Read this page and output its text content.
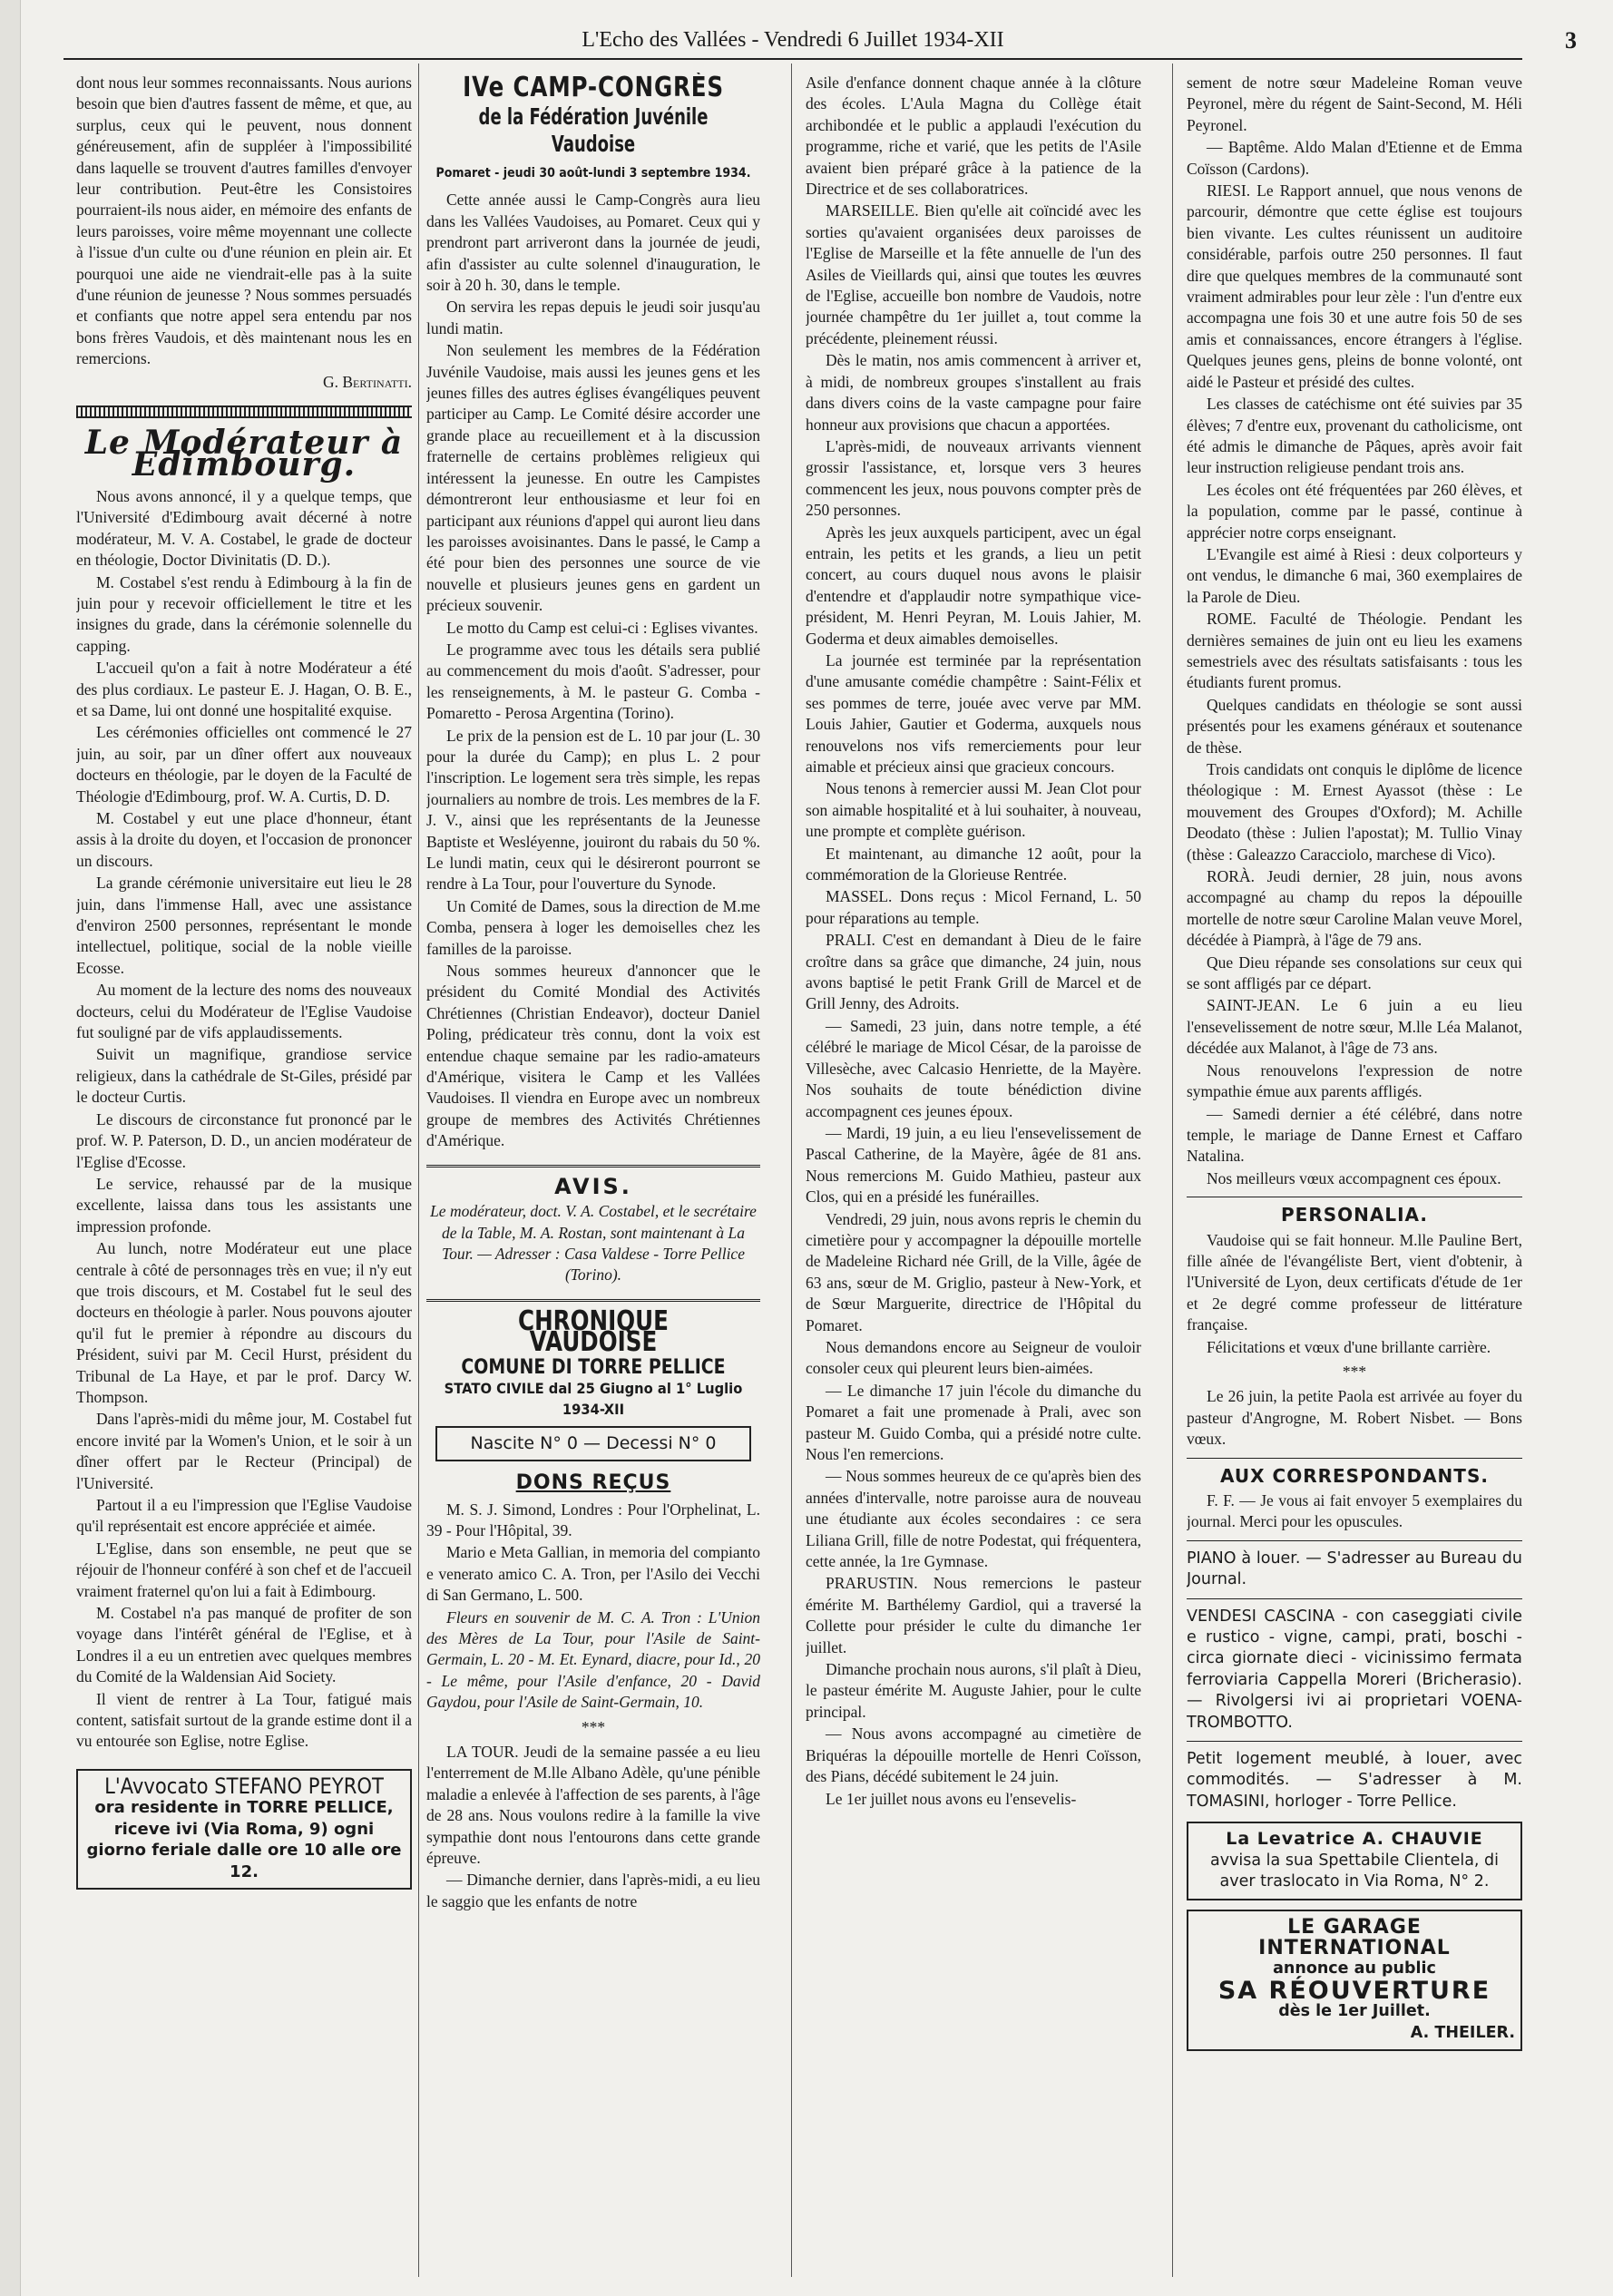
L'Echo des Vallées - Vendredi 6 Juillet 1934-XII	3

dont nous leur sommes reconnaissants. Nous aurions besoin que bien d'autres fassent de même, et que, au surplus, ceux qui le peuvent, nous donnent généreusement, afin de suppléer à l'impossibilité dans laquelle se trouvent d'autres familles d'envoyer leur contribution. Peut-être les Consistoires pourraient-ils nous aider, en mémoire des enfants de leurs paroisses, voire même moyennant une collecte à l'issue d'un culte ou d'une réunion en plein air. Et pourquoi une aide ne viendrait-elle pas à la suite d'une réunion de jeunesse ? Nous sommes persuadés et confiants que notre appel sera entendu par nos bons frères Vaudois, et dès maintenant nous les en remercions.

G. Bertinatti.
Le Modérateur à Edimbourg.

Nous avons annoncé, il y a quelque temps, que l'Université d'Edimbourg avait décerné à notre modérateur, M. V. A. Costabel, le grade de docteur en théologie, Doctor Divinitatis (D. D.).

M. Costabel s'est rendu à Edimbourg à la fin de juin pour y recevoir officiellement le titre et les insignes du grade, dans la cérémonie solennelle du capping.

L'accueil qu'on a fait à notre Modérateur a été des plus cordiaux. Le pasteur E. J. Hagan, O. B. E., et sa Dame, lui ont donné une hospitalité exquise.

Les cérémonies officielles ont commencé le 27 juin, au soir, par un dîner offert aux nouveaux docteurs en théologie, par le doyen de la Faculté de Théologie d'Edimbourg, prof. W. A. Curtis, D. D.

M. Costabel y eut une place d'honneur, étant assis à la droite du doyen, et l'occasion de prononcer un discours.

La grande cérémonie universitaire eut lieu le 28 juin, dans l'immense Hall, avec une assistance d'environ 2500 personnes, représentant le monde intellectuel, politique, social de la noble vieille Ecosse.

Au moment de la lecture des noms des nouveaux docteurs, celui du Modérateur de l'Eglise Vaudoise fut souligné par de vifs applaudissements.

Suivit un magnifique, grandiose service religieux, dans la cathédrale de St-Giles, présidé par le docteur Curtis.

Le discours de circonstance fut prononcé par le prof. W. P. Paterson, D. D., un ancien modérateur de l'Eglise d'Ecosse.

Le service, rehaussé par de la musique excellente, laissa dans tous les assistants une impression profonde.

Au lunch, notre Modérateur eut une place centrale à côté de personnages très en vue; il n'y eut que trois discours, et M. Costabel fut le seul des docteurs en théologie à parler. Nous pouvons ajouter qu'il fut le premier à répondre au discours du Président, suivi par M. Cecil Hurst, président du Tribunal de La Haye, et par le prof. Darcy W. Thompson.

Dans l'après-midi du même jour, M. Costabel fut encore invité par la Women's Union, et le soir à un dîner offert par le Recteur (Principal) de l'Université.

Partout il a eu l'impression que l'Eglise Vaudoise qu'il représentait est encore appréciée et aimée.

L'Eglise, dans son ensemble, ne peut que se réjouir de l'honneur conféré à son chef et de l'accueil vraiment fraternel qu'on lui a fait à Edimbourg.

M. Costabel n'a pas manqué de profiter de son voyage dans l'intérêt général de l'Eglise, et à Londres il a eu un entretien avec quelques membres du Comité de la Waldensian Aid Society.

Il vient de rentrer à La Tour, fatigué mais content, satisfait surtout de la grande estime dont il a vu entourée son Eglise, notre Eglise.

L'Avvocato STEFANO PEYROT
ora residente in TORRE PELLICE, riceve ivi (Via Roma, 9) ogni giorno feriale dalle ore 10 alle ore 12.
IVe CAMP-CONGRÈS
de la Fédération Juvénile Vaudoise
Pomaret - jeudi 30 août-lundi 3 septembre 1934.

Cette année aussi le Camp-Congrès aura lieu dans les Vallées Vaudoises, au Pomaret. Ceux qui y prendront part arriveront dans la journée de jeudi, afin d'assister au culte solennel d'inauguration, le soir à 20 h. 30, dans le temple.

On servira les repas depuis le jeudi soir jusqu'au lundi matin.

Non seulement les membres de la Fédération Juvénile Vaudoise, mais aussi les jeunes gens et les jeunes filles des autres églises évangéliques peuvent participer au Camp. Le Comité désire accorder une grande place au recueillement et à la discussion fraternelle de certains problèmes religieux qui intéressent la jeunesse. En outre les Campistes démontreront leur enthousiasme et leur foi en participant aux réunions d'appel qui auront lieu dans les paroisses avoisinantes. Dans le passé, le Camp a été pour bien des personnes une source de vie nouvelle et plusieurs jeunes gens en gardent un précieux souvenir.

Le motto du Camp est celui-ci : Eglises vivantes.

Le programme avec tous les détails sera publié au commencement du mois d'août. S'adresser, pour les renseignements, à M. le pasteur G. Comba - Pomaretto - Perosa Argentina (Torino).

Le prix de la pension est de L. 10 par jour (L. 30 pour la durée du Camp); en plus L. 2 pour l'inscription. Le logement sera très simple, les repas journaliers au nombre de trois. Les membres de la F. J. V., ainsi que les représentants de la Jeunesse Baptiste et Wesléyenne, jouiront du rabais du 50 %. Le lundi matin, ceux qui le désireront pourront se rendre à La Tour, pour l'ouverture du Synode.

Un Comité de Dames, sous la direction de M.me Comba, pensera à loger les demoiselles chez les familles de la paroisse.

Nous sommes heureux d'annoncer que le président du Comité Mondial des Activités Chrétiennes (Christian Endeavor), docteur Daniel Poling, prédicateur très connu, dont la voix est entendue chaque semaine par les radio-amateurs d'Amérique, visitera le Camp et les Vallées Vaudoises. Il viendra en Europe avec un nombreux groupe de membres des Activités Chrétiennes d'Amérique.

AVIS.

Le modérateur, doct. V. A. Costabel, et le secrétaire de la Table, M. A. Rostan, sont maintenant à La Tour. — Adresser : Casa Valdese - Torre Pellice (Torino).

CHRONIQUE VAUDOISE
COMUNE DI TORRE PELLICE
STATO CIVILE dal 25 Giugno al 1° Luglio 1934-XII
Nascite N° 0 — Decessi N° 0
DONS REÇUS

M. S. J. Simond, Londres : Pour l'Orphelinat, L. 39 - Pour l'Hôpital, 39.

Mario e Meta Gallian, in memoria del compianto e venerato amico C. A. Tron, per l'Asilo dei Vecchi di San Germano, L. 500.

Fleurs en souvenir de M. C. A. Tron : L'Union des Mères de La Tour, pour l'Asile de Saint-Germain, L. 20 - M. Et. Eynard, diacre, pour Id., 20 - Le même, pour l'Asile d'enfance, 20 - David Gaydou, pour l'Asile de Saint-Germain, 10.

***

LA TOUR. Jeudi de la semaine passée a eu lieu l'enterrement de M.lle Albano Adèle, qu'une pénible maladie a enlevée à l'affection de ses parents, à l'âge de 28 ans. Nous voulons redire à la famille la vive sympathie dont nous l'entourons dans cette grande épreuve.

— Dimanche dernier, dans l'après-midi, a eu lieu le saggio que les enfants de notre

Asile d'enfance donnent chaque année à la clôture des écoles. L'Aula Magna du Collège était archibondée et le public a applaudi l'exécution du programme, riche et varié, que les petits de l'Asile avaient bien préparé grâce à la patience de la Directrice et de ses collaboratrices.

MARSEILLE. Bien qu'elle ait coïncidé avec les sorties qu'avaient organisées deux paroisses de l'Eglise de Marseille et la fête annuelle de l'un des Asiles de Vieillards qui, ainsi que toutes les œuvres de l'Eglise, accueille bon nombre de Vaudois, notre journée champêtre du 1er juillet a, tout comme la précédente, pleinement réussi.

Dès le matin, nos amis commencent à arriver et, à midi, de nombreux groupes s'installent au frais dans divers coins de la vaste campagne pour faire honneur aux provisions que chacun a apportées.

L'après-midi, de nouveaux arrivants viennent grossir l'assistance, et, lorsque vers 3 heures commencent les jeux, nous pouvons compter près de 250 personnes.

Après les jeux auxquels participent, avec un égal entrain, les petits et les grands, a lieu un petit concert, au cours duquel nous avons le plaisir d'entendre et d'applaudir notre sympathique vice-président, M. Henri Peyran, M. Louis Jahier, M. Goderma et deux aimables demoiselles.

La journée est terminée par la représentation d'une amusante comédie champêtre : Saint-Félix et ses pommes de terre, jouée avec verve par MM. Louis Jahier, Gautier et Goderma, auxquels nous renouvelons nos vifs remerciements pour leur aimable et précieux ainsi que gracieux concours.

Nous tenons à remercier aussi M. Jean Clot pour son aimable hospitalité et à lui souhaiter, à nouveau, une prompte et complète guérison.

Et maintenant, au dimanche 12 août, pour la commémoration de la Glorieuse Rentrée.

MASSEL. Dons reçus : Micol Fernand, L. 50 pour réparations au temple.

PRALI. C'est en demandant à Dieu de le faire croître dans sa grâce que dimanche, 24 juin, nous avons baptisé le petit Frank Grill de Marcel et de Grill Jenny, des Adroits.

— Samedi, 23 juin, dans notre temple, a été célébré le mariage de Micol César, de la paroisse de Villesèche, avec Calcasio Henriette, de la Mayère. Nos souhaits de toute bénédiction divine accompagnent ces jeunes époux.

— Mardi, 19 juin, a eu lieu l'ensevelissement de Pascal Catherine, de la Mayère, âgée de 81 ans. Nous remercions M. Guido Mathieu, pasteur aux Clos, qui en a présidé les funérailles.

Vendredi, 29 juin, nous avons repris le chemin du cimetière pour y accompagner la dépouille mortelle de Madeleine Richard née Grill, de la Ville, âgée de 63 ans, sœur de M. Griglio, pasteur à New-York, et de Sœur Marguerite, directrice de l'Hôpital du Pomaret.

Nous demandons encore au Seigneur de vouloir consoler ceux qui pleurent leurs bien-aimées.

— Le dimanche 17 juin l'école du dimanche du Pomaret a fait une promenade à Prali, avec son pasteur M. Guido Comba, qui a présidé notre culte. Nous l'en remercions.

— Nous sommes heureux de ce qu'après bien des années d'intervalle, notre paroisse aura de nouveau une étudiante aux écoles secondaires : ce sera Liliana Grill, fille de notre Podestat, qui fréquentera, cette année, la 1re Gymnase.

PRARUSTIN. Nous remercions le pasteur émérite M. Barthélemy Gardiol, qui a traversé la Collette pour présider le culte du dimanche 1er juillet.

Dimanche prochain nous aurons, s'il plaît à Dieu, le pasteur émérite M. Auguste Jahier, pour le culte principal.

— Nous avons accompagné au cimetière de Briquéras la dépouille mortelle de Henri Coïsson, des Pians, décédé subitement le 24 juin.

Le 1er juillet nous avons eu l'ensevelis-

sement de notre sœur Madeleine Roman veuve Peyronel, mère du régent de Saint-Second, M. Héli Peyronel.

— Baptême. Aldo Malan d'Etienne et de Emma Coïsson (Cardons).

RIESI. Le Rapport annuel, que nous venons de parcourir, démontre que cette église est toujours bien vivante. Les cultes réunissent un auditoire considérable, parfois outre 250 personnes. Il faut dire que quelques membres de la communauté sont vraiment admirables pour leur zèle : l'un d'entre eux accompagna une fois 30 et une autre fois 50 de ses amis et connaissances, encore étrangers à l'église. Quelques jeunes gens, pleins de bonne volonté, ont aidé le Pasteur et présidé des cultes.

Les classes de catéchisme ont été suivies par 35 élèves; 7 d'entre eux, provenant du catholicisme, ont été admis le dimanche de Pâques, après avoir fait leur instruction religieuse pendant trois ans.

Les écoles ont été fréquentées par 260 élèves, et la population, comme par le passé, continue à apprécier notre corps enseignant.

L'Evangile est aimé à Riesi : deux colporteurs y ont vendus, le dimanche 6 mai, 360 exemplaires de la Parole de Dieu.

ROME. Faculté de Théologie. Pendant les dernières semaines de juin ont eu lieu les examens semestriels avec des résultats satisfaisants : tous les étudiants furent promus.

Quelques candidats en théologie se sont aussi présentés pour les examens généraux et soutenance de thèse.

Trois candidats ont conquis le diplôme de licence théologique : M. Ernest Ayassot (thèse : Le mouvement des Groupes d'Oxford); M. Achille Deodato (thèse : Julien l'apostat); M. Tullio Vinay (thèse : Galeazzo Caracciolo, marchese di Vico).

RORÀ. Jeudi dernier, 28 juin, nous avons accompagné au champ du repos la dépouille mortelle de notre sœur Caroline Malan veuve Morel, décédée à Piamprà, à l'âge de 79 ans.

Que Dieu répande ses consolations sur ceux qui se sont affligés par ce départ.

SAINT-JEAN. Le 6 juin a eu lieu l'ensevelissement de notre sœur, M.lle Léa Malanot, décédée aux Malanot, à l'âge de 73 ans.

Nous renouvelons l'expression de notre sympathie émue aux parents affligés.

— Samedi dernier a été célébré, dans notre temple, le mariage de Danne Ernest et Caffaro Natalina.

Nos meilleurs vœux accompagnent ces époux.

PERSONALIA.

Vaudoise qui se fait honneur. M.lle Pauline Bert, fille aînée de l'évangéliste Bert, vient d'obtenir, à l'Université de Lyon, deux certificats d'étude de 1er et 2e degré comme professeur de littérature française.

Félicitations et vœux d'une brillante carrière.

***

Le 26 juin, la petite Paola est arrivée au foyer du pasteur d'Angrogne, M. Robert Nisbet. — Bons vœux.

AUX CORRESPONDANTS.

F. F. — Je vous ai fait envoyer 5 exemplaires du journal. Merci pour les opuscules.

PIANO à louer. — S'adresser au Bureau du Journal.

VENDESI CASCINA - con caseggiati civile e rustico - vigne, campi, prati, boschi - circa giornate dieci - vicinissimo fermata ferroviaria Cappella Moreri (Bricherasio). — Rivolgersi ivi ai proprietari VOENA-TROMBOTTO.

Petit logement meublé, à louer, avec commodités. — S'adresser à M. TOMASINI, horloger - Torre Pellice.

La Levatrice A. CHAUVIE
avvisa la sua Spettabile Clientela, di aver traslocato in Via Roma, N° 2.
LE GARAGE INTERNATIONAL
annonce au public
SA RÉOUVERTURE
dès le 1er Juillet.
A. THEILER.
